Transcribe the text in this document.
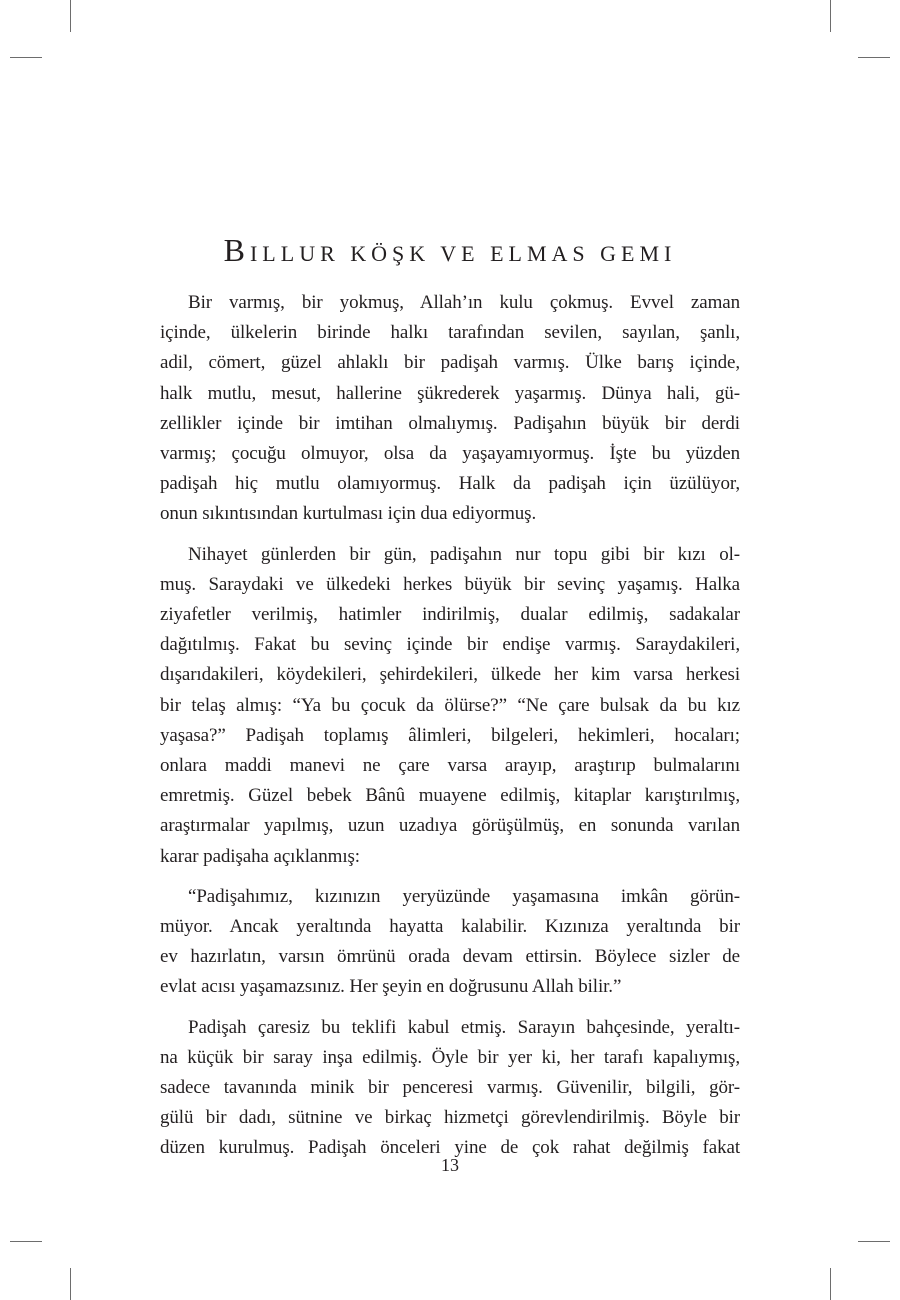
BILLUR KÖŞK VE ELMAS GEMI

Bir varmış, bir yokmuş, Allah’ın kulu çokmuş. Evvel zaman
içinde, ülkelerin birinde halkı tarafından sevilen, sayılan, şanlı,
adil, cömert, güzel ahlaklı bir padişah varmış. Ülke barış içinde,
halk mutlu, mesut, hallerine şükrederek yaşarmış. Dünya hali, gü-
zellikler içinde bir imtihan olmalıymış. Padişahın büyük bir derdi
varmış; çocuğu olmuyor, olsa da yaşayamıyormuş. İşte bu yüzden
padişah hiç mutlu olamıyormuş. Halk da padişah için üzülüyor,
onun sıkıntısından kurtulması için dua ediyormuş.

Nihayet günlerden bir gün, padişahın nur topu gibi bir kızı ol-
muş. Saraydaki ve ülkedeki herkes büyük bir sevinç yaşamış. Halka
ziyafetler verilmiş, hatimler indirilmiş, dualar edilmiş, sadakalar
dağıtılmış. Fakat bu sevinç içinde bir endişe varmış. Saraydakileri,
dışarıdakileri, köydekileri, şehirdekileri, ülkede her kim varsa herkesi
bir telaş almış: “Ya bu çocuk da ölürse?” “Ne çare bulsak da bu kız
yaşasa?” Padişah toplamış âlimleri, bilgeleri, hekimleri, hocaları;
onlara maddi manevi ne çare varsa arayıp, araştırıp bulmalarını
emretmiş. Güzel bebek Bânû muayene edilmiş, kitaplar karıştırılmış,
araştırmalar yapılmış, uzun uzadıya görüşülmüş, en sonunda varılan
karar padişaha açıklanmış:

“Padişahımız, kızınızın yeryüzünde yaşamasına imkân görün-
müyor. Ancak yeraltında hayatta kalabilir. Kızınıza yeraltında bir
ev hazırlatın, varsın ömrünü orada devam ettirsin. Böylece sizler de
evlat acısı yaşamazsınız. Her şeyin en doğrusunu Allah bilir.”

Padişah çaresiz bu teklifi kabul etmiş. Sarayın bahçesinde, yeraltı-
na küçük bir saray inşa edilmiş. Öyle bir yer ki, her tarafı kapalıymış,
sadece tavanında minik bir penceresi varmış. Güvenilir, bilgili, gör-
gülü bir dadı, sütnine ve birkaç hizmetçi görevlendirilmiş. Böyle bir
düzen kurulmuş. Padişah önceleri yine de çok rahat değilmiş fakat

13
